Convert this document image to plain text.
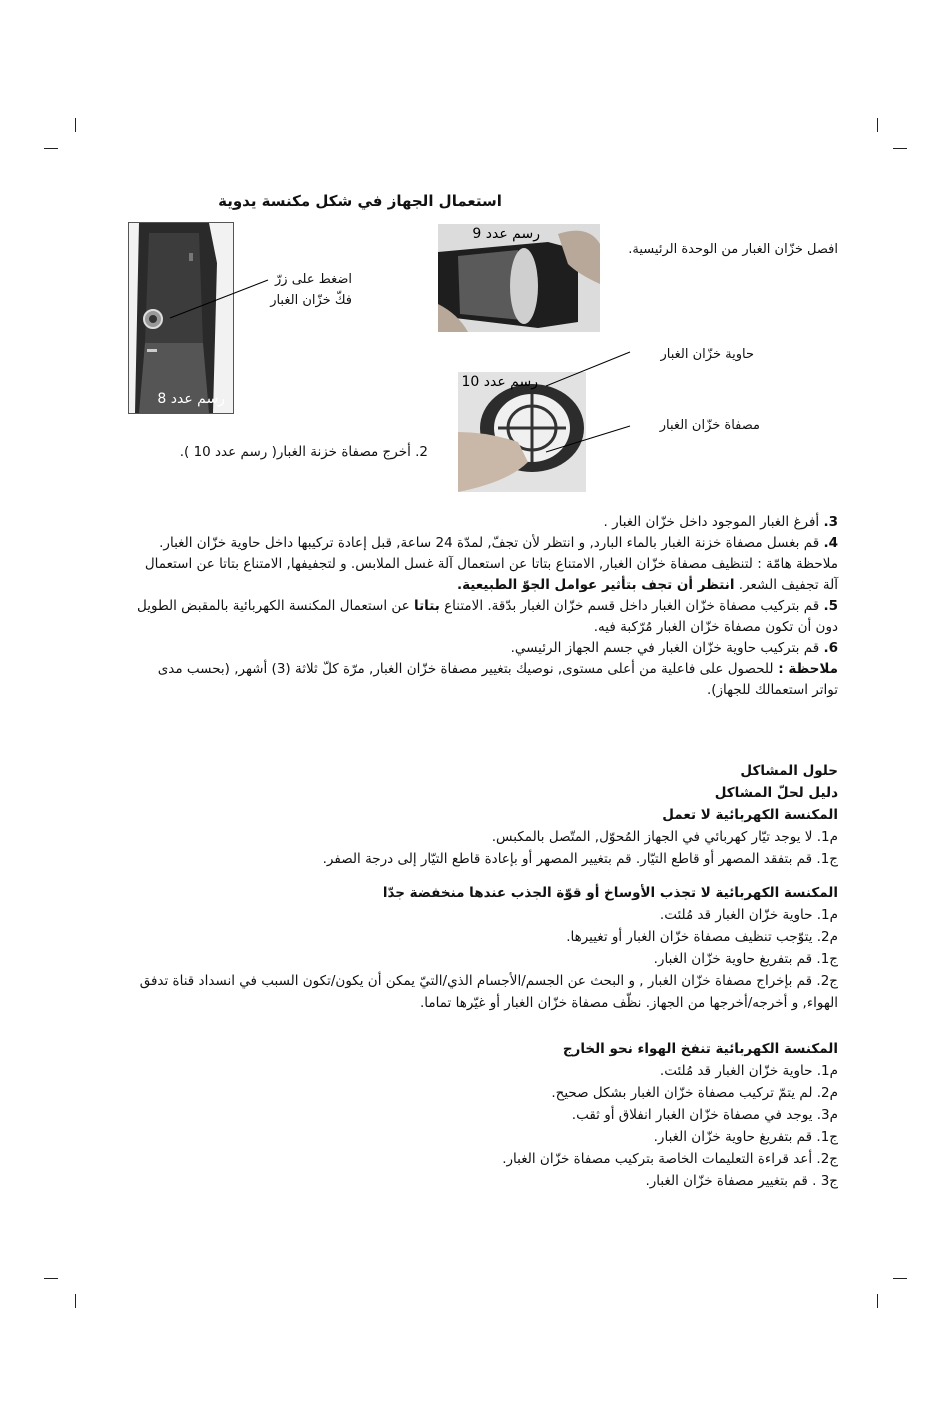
استعمال الجهاز في شكل مكنسة يدوية
رسم عدد 8
اضغط على زرّ
فكّ خزّان الغبار
رسم عدد 9
افصل خزّان الغبار من الوحدة الرئيسية.
رسم عدد 10
حاوية خزّان الغبار
مصفاة خزّان الغبار
2. أخرج مصفاة خزنة الغبار( رسم عدد 10 ).

3. أفرغ الغبار الموجود داخل خزّان الغبار .

4. قم بغسل مصفاة خزنة الغبار بالماء البارد, و انتظر لأن تجفّ, لمدّة 24 ساعة, قبل إعادة تركيبها داخل حاوية خزّان الغبار.

ملاحظة هامّة : لتنظيف مصفاة خزّان الغبار, الامتناع بتاتا عن استعمال آلة غسل الملابس. و لتجفيفها, الامتناع بتاتا عن استعمال آلة تجفيف الشعر. انتظر أن تجف بتأثير عوامل الجوّ الطبيعية.

5. قم بتركيب مصفاة خزّان الغبار داخل قسم خزّان الغبار بدّقة. الامتناع بتاتا عن استعمال المكنسة الكهربائية بالمقبض الطويل دون أن تكون مصفاة خزّان الغبار مُرّكبة فيه.

6. قم بتركيب حاوية خزّان الغبار في جسم الجهاز الرئيسي.

ملاحظة : للحصول على فاعلية من أعلى مستوى, نوصيك بتغيير مصفاة خزّان الغبار, مرّة كلّ ثلاثة (3) أشهر, (بحسب مدى تواتر استعمالك للجهاز).

حلول المشاكل

دليل لحلّ المشاكل

المكنسة الكهربائية لا تعمل

م1. لا يوجد تيّار كهربائي في الجهاز المُحوّل, المتّصل بالمكبس.

ج1. قم بتفقد المصهر أو قاطع التيّار. قم بتغيير المصهر أو بإعادة قاطع التيّار إلى درجة الصفر.

المكنسة الكهربائية لا تجذب الأوساخ أو قوّة الجذب عندها منخفضة جدّا

م1. حاوية خزّان الغبار قد مُلئت.

م2. يتوّجب تنظيف مصفاة خزّان الغبار أو تغييرها.

ج1. قم بتفريغ حاوية خزّان الغبار.

ج2. قم بإخراج مصفاة خزّان الغبار , و البحث عن الجسم/الأجسام الذي/التيّ يمكن أن يكون/تكون السبب في انسداد قناة تدفق الهواء, و أخرجه/أخرجها من الجهاز. نظّف مصفاة خزّان الغبار أو غيّرها تماما.

المكنسة الكهربائية تنفخ الهواء نحو الخارج

م1. حاوية خزّان الغبار قد مُلئت.

م2. لم يتمّ تركيب مصفاة خزّان الغبار بشكل صحيح.

م3. يوجد في مصفاة خزّان الغبار انفلاق أو ثقب.

ج1. قم بتفريغ حاوية خزّان الغبار.

ج2. أعد قراءة التعليمات الخاصة بتركيب مصفاة خزّان الغبار.

ج3 . قم بتغيير مصفاة خزّان الغبار.
